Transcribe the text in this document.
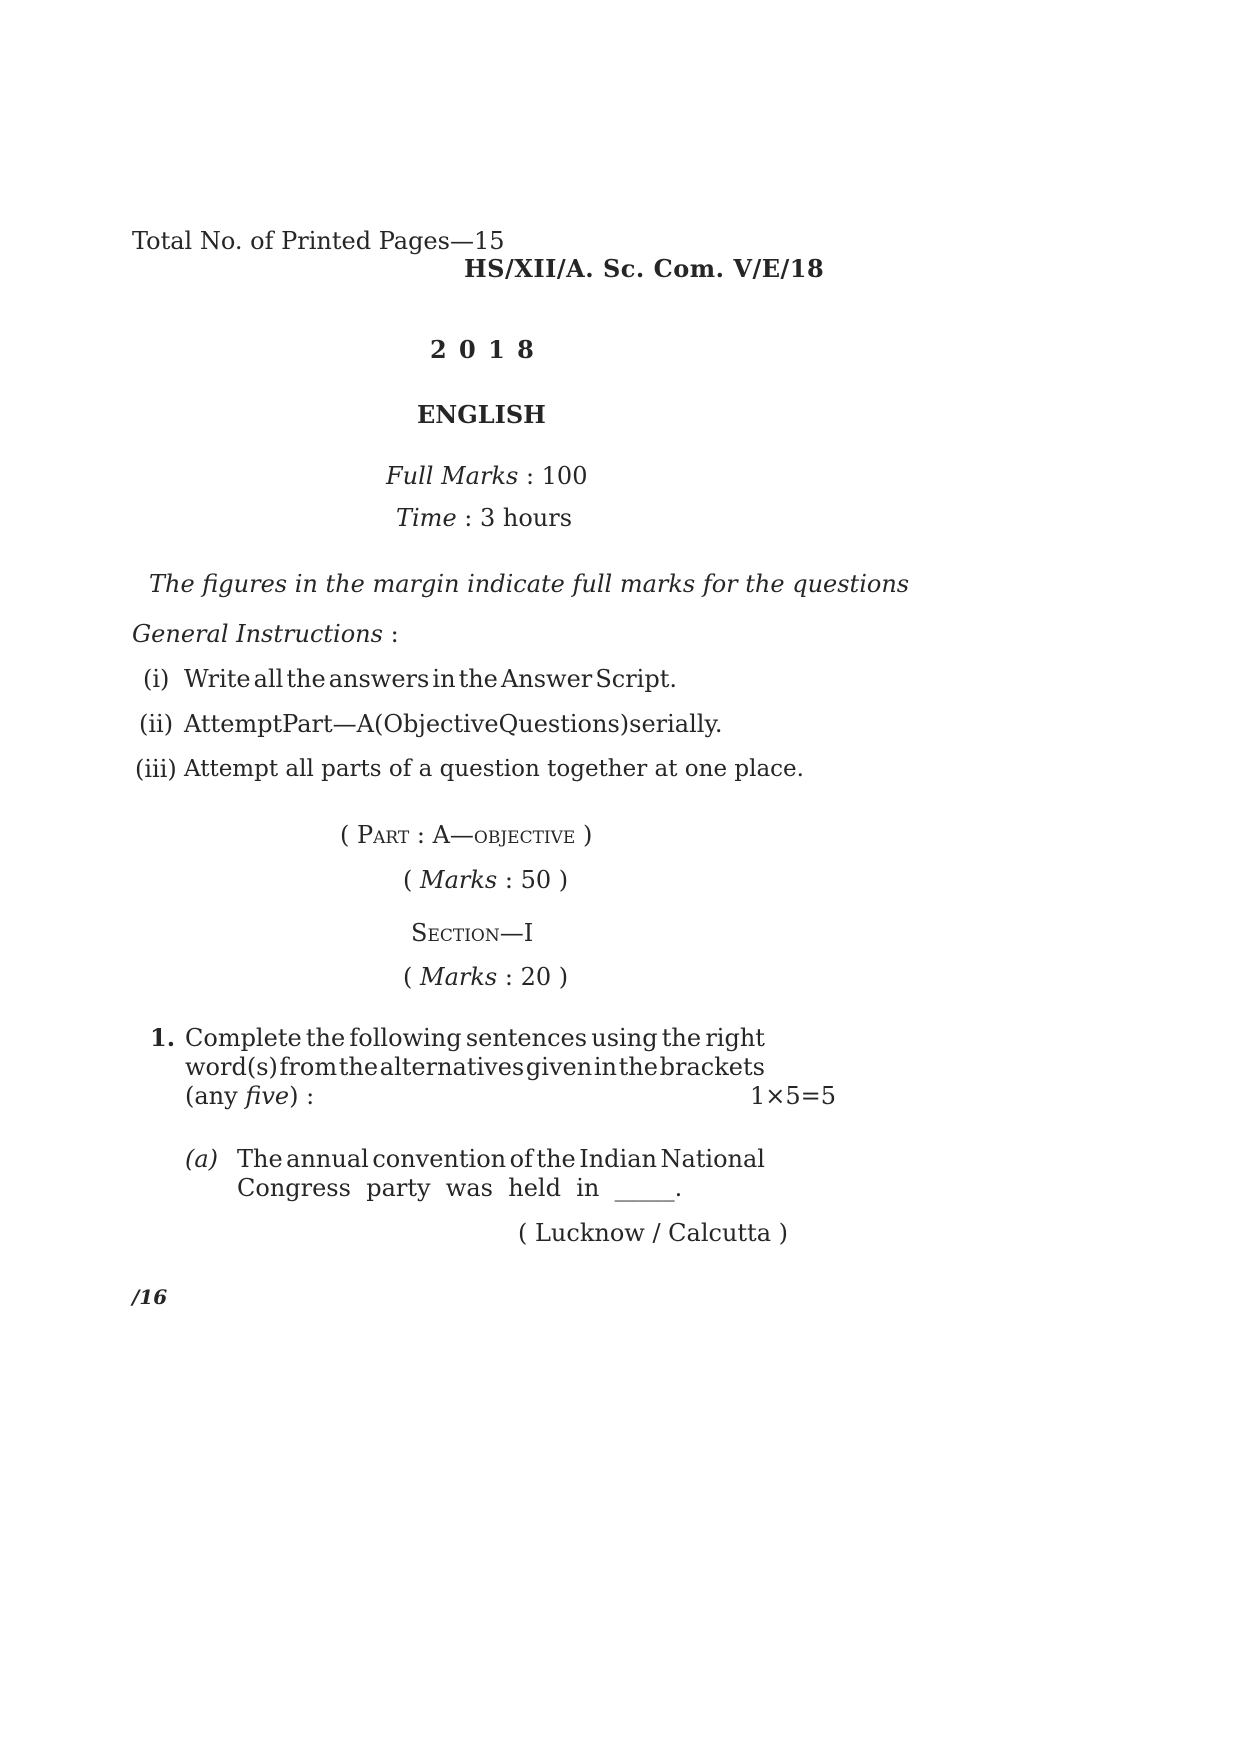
Total No. of Printed Pages—15
HS/XII/A. Sc. Com. V/E/18
2 0 1 8
ENGLISH
Full Marks : 100
Time : 3 hours
The figures in the margin indicate full marks for the questions
General Instructions :
(i) Write all the answers in the Answer Script.
(ii) Attempt Part—A (Objective Questions) serially.
(iii) Attempt all parts of a question together at one place.
( Part : A—objective )
( Marks : 50 )
Section—I
( Marks : 20 )
1. Complete the following sentences using the right
word(s) from the alternatives given in the brackets
(any five) :	1×5=5
(a) The annual convention of the Indian National
Congress  party  was  held  in  _____.
( Lucknow / Calcutta )
/16
